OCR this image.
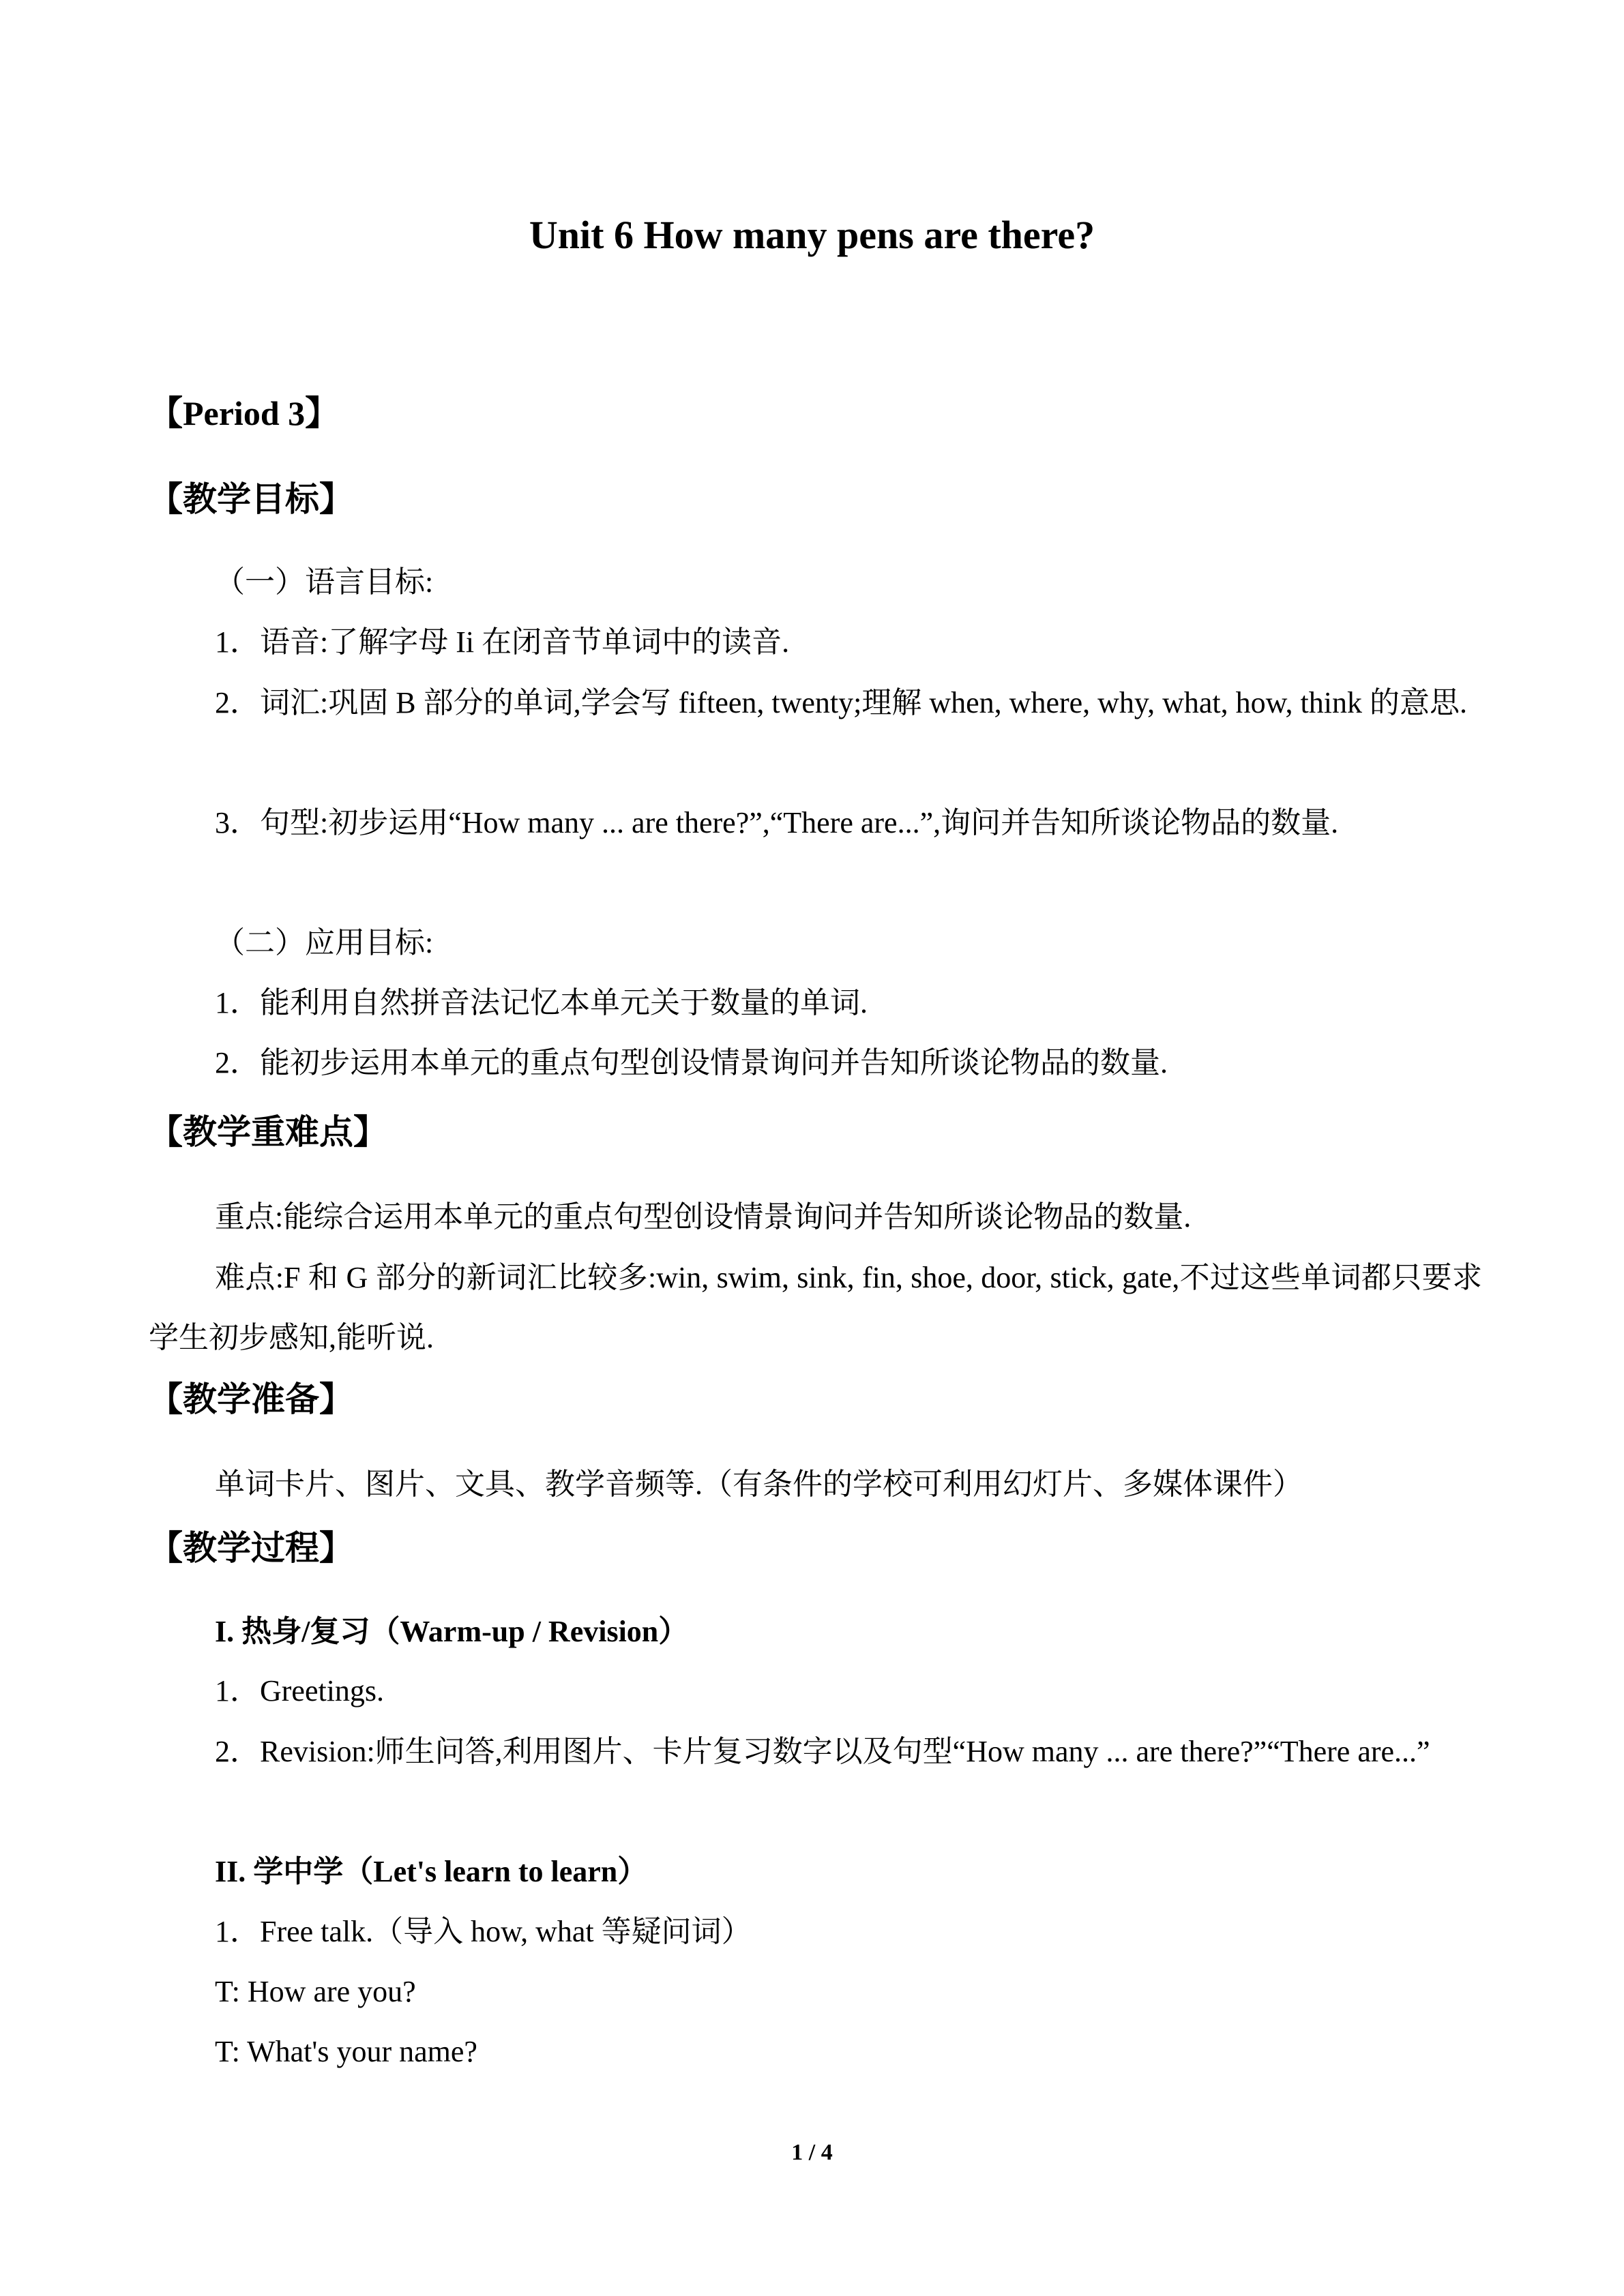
Unit 6 How many pens are there?
【Period 3】
【教学目标】
（一）语言目标:
1．语音:了解字母 Ii 在闭音节单词中的读音.
2．词汇:巩固 B 部分的单词,学会写 fifteen, twenty;理解 when, where, why, what, how, think 的意思.
3．句型:初步运用“How many ... are there?”,“There are...”,询问并告知所谈论物品的数量.
（二）应用目标:
1．能利用自然拼音法记忆本单元关于数量的单词.
2．能初步运用本单元的重点句型创设情景询问并告知所谈论物品的数量.
【教学重难点】
重点:能综合运用本单元的重点句型创设情景询问并告知所谈论物品的数量.
难点:F 和 G 部分的新词汇比较多:win, swim, sink, fin, shoe, door, stick, gate,不过这些单词都只要求学生初步感知,能听说.
【教学准备】
单词卡片、图片、文具、教学音频等.（有条件的学校可利用幻灯片、多媒体课件）
【教学过程】
I. 热身/复习（Warm-up / Revision）
1．Greetings.
2．Revision:师生问答,利用图片、卡片复习数字以及句型“How many ... are there?”“There are...”
II. 学中学（Let's learn to learn）
1．Free talk.（导入 how, what 等疑问词）
T: How are you?
T: What's your name?
1 / 4
